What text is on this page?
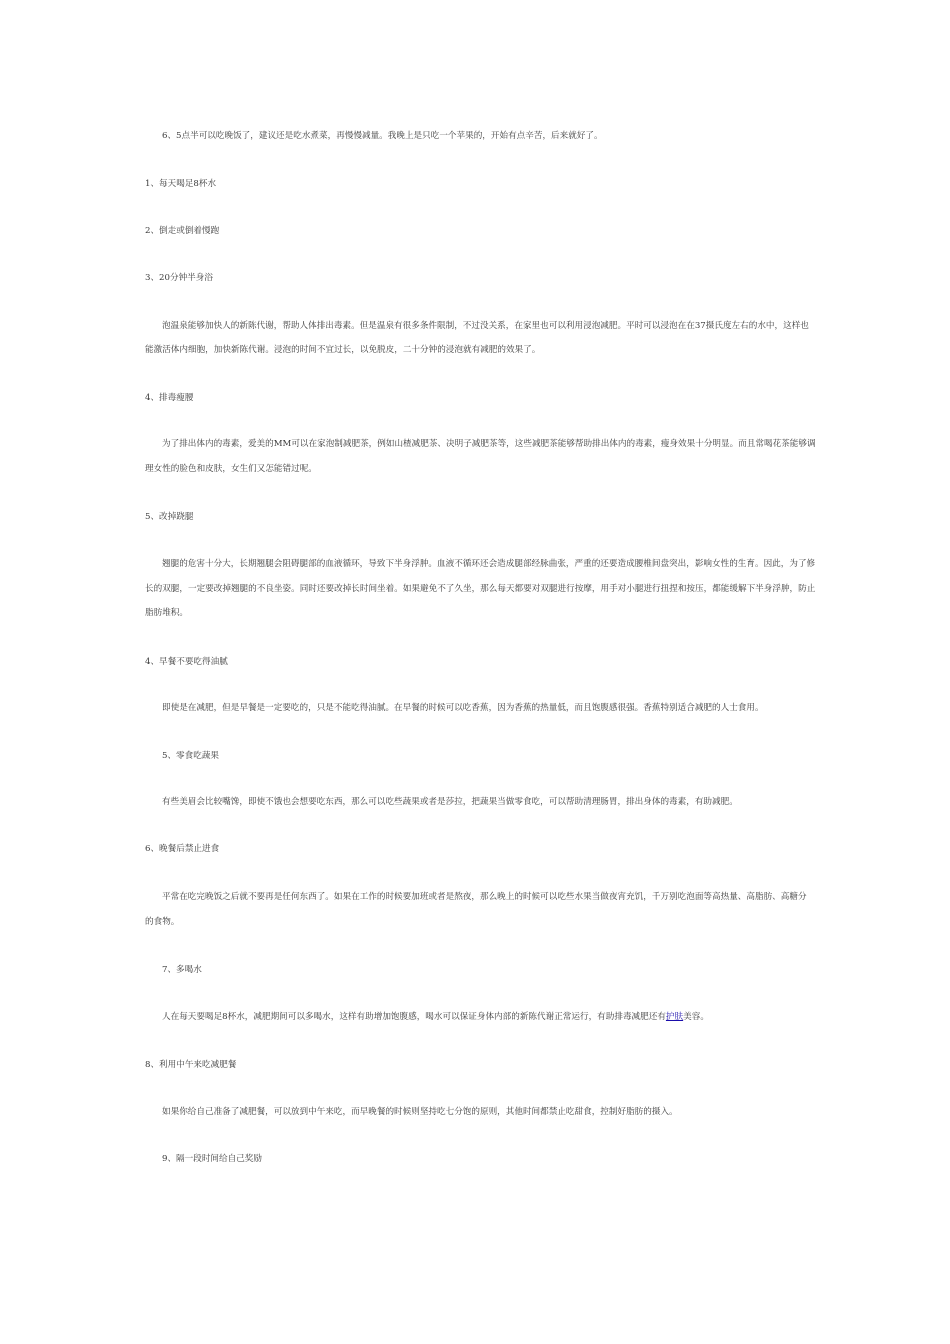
6、5点半可以吃晚饭了，建议还是吃水煮菜，再慢慢减量。我晚上是只吃一个苹果的，开始有点辛苦，后来就好了。
1、每天喝足8杯水
2、倒走或倒着慢跑
3、20分钟半身浴
泡温泉能够加快人的新陈代谢，帮助人体排出毒素。但是温泉有很多条件限制，不过没关系，在家里也可以利用浸泡减肥。平时可以浸泡在在37摄氏度左右的水中，这样也
能激活体内细胞，加快新陈代谢。浸泡的时间不宜过长，以免脱皮，二十分钟的浸泡就有减肥的效果了。
4、排毒瘦腰
为了排出体内的毒素，爱美的MM可以在家泡制减肥茶，例如山楂减肥茶、决明子减肥茶等，这些减肥茶能够帮助排出体内的毒素，瘦身效果十分明显。而且常喝花茶能够调
理女性的脸色和皮肤，女生们又怎能错过呢。
5、改掉跷腿
翘腿的危害十分大，长期翘腿会阻碍腿部的血液循环，导致下半身浮肿。血液不循环还会造成腿部经脉曲张，严重的还要造成腰椎间盘突出，影响女性的生育。因此，为了修
长的双腿，一定要改掉翘腿的不良坐姿。同时还要改掉长时间坐着。如果避免不了久坐，那么每天都要对双腿进行按摩，用手对小腿进行扭捏和按压，都能缓解下半身浮肿，防止
脂肪堆积。
4、早餐不要吃得油腻
即使是在减肥，但是早餐是一定要吃的，只是不能吃得油腻。在早餐的时候可以吃香蕉，因为香蕉的热量低，而且饱腹感很强。香蕉特别适合减肥的人士食用。
5、零食吃蔬果
有些美眉会比较嘴馋，即使不饿也会想要吃东西，那么可以吃些蔬果或者是莎拉，把蔬果当做零食吃，可以帮助清理肠胃，排出身体的毒素，有助减肥。
6、晚餐后禁止进食
平常在吃完晚饭之后就不要再是任何东西了。如果在工作的时候要加班或者是熬夜，那么晚上的时候可以吃些水果当做夜宵充饥，千万别吃泡面等高热量、高脂肪、高糖分
的食物。
7、多喝水
人在每天要喝足8杯水，减肥期间可以多喝水，这样有助增加饱腹感，喝水可以保证身体内部的新陈代谢正常运行，有助排毒减肥还有护肤美容。
8、利用中午来吃减肥餐
如果你给自己准备了减肥餐，可以放到中午来吃，而早晚餐的时候则坚持吃七分饱的原则，其他时间都禁止吃甜食，控制好脂肪的摄入。
9、隔一段时间给自己奖励
